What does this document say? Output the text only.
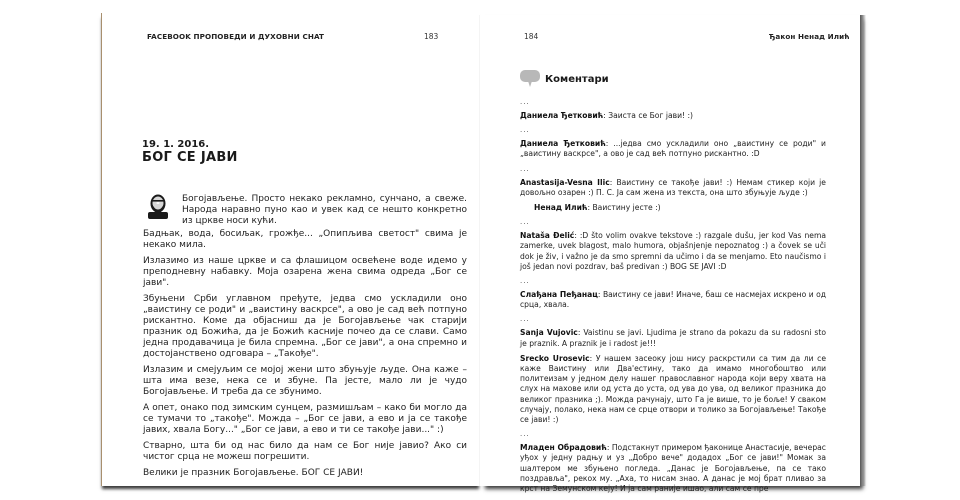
FACEBOOK ПРОПОВЕДИ И ДУХОВНИ CHAT	183
19. 1. 2016.
БОГ СЕ ЈАВИ
Богојављење. Просто некако рекламно, сунчано, а свеже. Народа наравно пуно као и увек кад се нешто конкретно из цркве носи кући.

Бадњак, вода, босиљак, грожђе... „Опипљива светост" свима је некако мила.

Излазимо из наше цркве и са флашицом освећене воде идемо у преподневну набавку. Моја озарена жена свима одреда „Бог се јави".

Збуњени Срби углавном пређуте, једва смо ускладили оно „ваистину се роди" и „ваистину васкрсе", а ово је сад већ потпуно рискантно. Коме да објасниш да је Богојављење чак старији празник од Божића, да је Божић касније почео да се слави. Само једна продавачица је била спремна. „Бог се јави", а она спремно и достојанствено одговара – „Такође".

Излазим и смејуљим се мојој жени што збуњује људе. Она каже – шта има везе, нека се и збуне. Па јесте, мало ли је чудо Богојављење. И треба да се збунимо.

А опет, онако под зимским сунцем, размишљам – како би могло да се тумачи то „такође". Можда – „Бог се јави, а ево и ја се такође јавих, хвала Богу..." „Бог се јави, а ево и ти се такође јави..." :)

Стварно, шта би од нас било да нам се Бог није јавио? Ако си чистог срца не можеш погрешити.

Велики је празник Богојављење. БОГ СЕ ЈАВИ!

184	Ђакон Ненад Илић
Коментари
...
Даниела Ђетковић: Заиста се Бог јави! :)
...
Даниела Ђетковић: ...једва смо ускладили оно „ваистину се роди" и „ваистину васкрсе", а ово је сад већ потпуно рискантно. :D
...
Anastasija-Vesna Ilic: Ваистину се такође јави! :) Немам стикер који је довољно озарен :) П. С. Ја сам жена из текста, она што збуњује људе :)
Ненад Илић: Ваистину јесте :)
...
Nataša Đelić: :D što volim ovakve tekstove :) razgale dušu, jer kod Vas nema zamerke, uvek blagost, malo humora, objašnjenje nepoznatog :) a čovek se uči dok je živ, i važno je da smo spremni da učimo i da se menjamo. Eto naučismo i još jedan novi pozdrav, baš predivan :) BOG SE JAVI :D
...
Слађана Пеђанац: Ваистину се јави! Иначе, баш се насмејах искрено и од срца, хвала.
...
Sanja Vujovic: Vaistinu se javi. Ljudima je strano da pokazu da su radosni sto je praznik. A praznik je i radost je!!!
Srecko Urosevic: У нашем засеоку још нису раскрстили са тим да ли се каже Ваистину или Два'естину, тако да имамо многобоштво или политеизам у једном делу нашег православног народа који веру хвата на слух на махове или од уста до уста, од ува до ува, од великог празника до великог празника ;). Можда рачунају, што Га је више, то је боље! У сваком случају, полако, нека нам се срце отвори и толико за Богојављење! Такође се јави! :)
...
Младен Обрадовић: Подстакнут примером ђаконице Анастасије, вечерас уђох у једну радњу и уз „Добро вече" додадох „Бог се јави!" Момак за шалтером ме збуњено погледа. „Данас је Богојављење, па се тако поздравља", рекох му. „Аха, то нисам знао. А данас је мој брат пливао за крст на Земунском кеју! И ја сам раније ишао, али сам се пре
